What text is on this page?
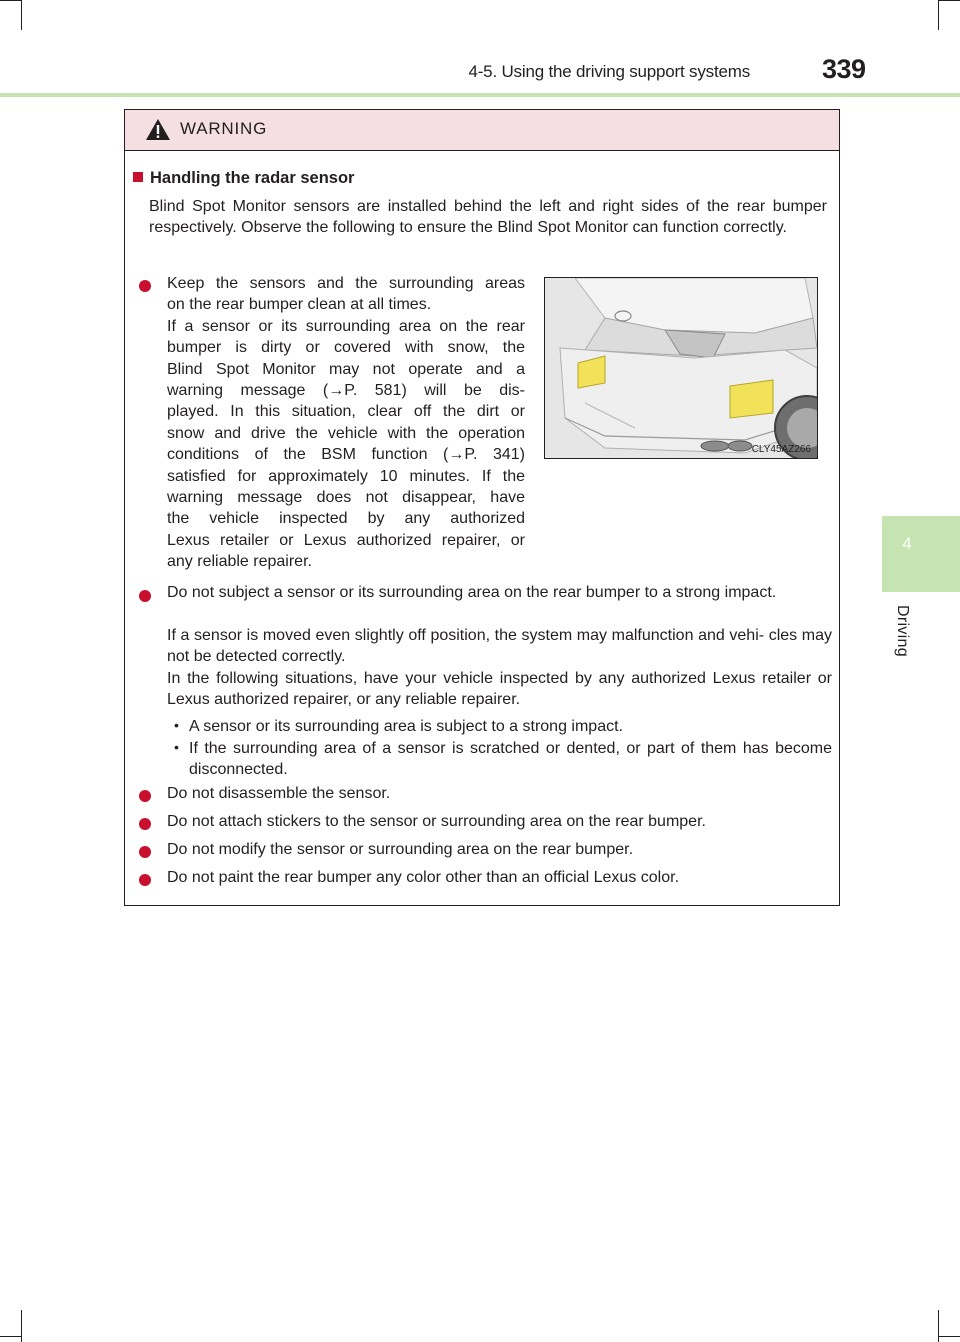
4-5. Using the driving support systems	339
4
Driving
WARNING
Handling the radar sensor

Blind Spot Monitor sensors are installed behind the left and right sides of the rear bumper respectively. Observe the following to ensure the Blind Spot Monitor can function correctly.

Keep the sensors and the surrounding areas
on the rear bumper clean at all times.
If a sensor or its surrounding area on the rear
bumper is dirty or covered with snow, the
Blind Spot Monitor may not operate and a
warning message (→P. 581) will be dis-
played. In this situation, clear off the dirt or
snow and drive the vehicle with the operation
conditions of the BSM function (→P. 341)
satisfied for approximately 10 minutes. If the
warning message does not disappear, have
the vehicle inspected by any authorized
Lexus retailer or Lexus authorized repairer, or
any reliable repairer.
CLY45AZ266

Do not subject a sensor or its surrounding area on the rear bumper to a strong impact.

If a sensor is moved even slightly off position, the system may malfunction and vehi- cles may not be detected correctly.

In the following situations, have your vehicle inspected by any authorized Lexus retailer or Lexus authorized repairer, or any reliable repairer.

• A sensor or its surrounding area is subject to a strong impact.

• If the surrounding area of a sensor is scratched or dented, or part of them has become disconnected.

Do not disassemble the sensor.

Do not attach stickers to the sensor or surrounding area on the rear bumper.

Do not modify the sensor or surrounding area on the rear bumper.

Do not paint the rear bumper any color other than an official Lexus color.
